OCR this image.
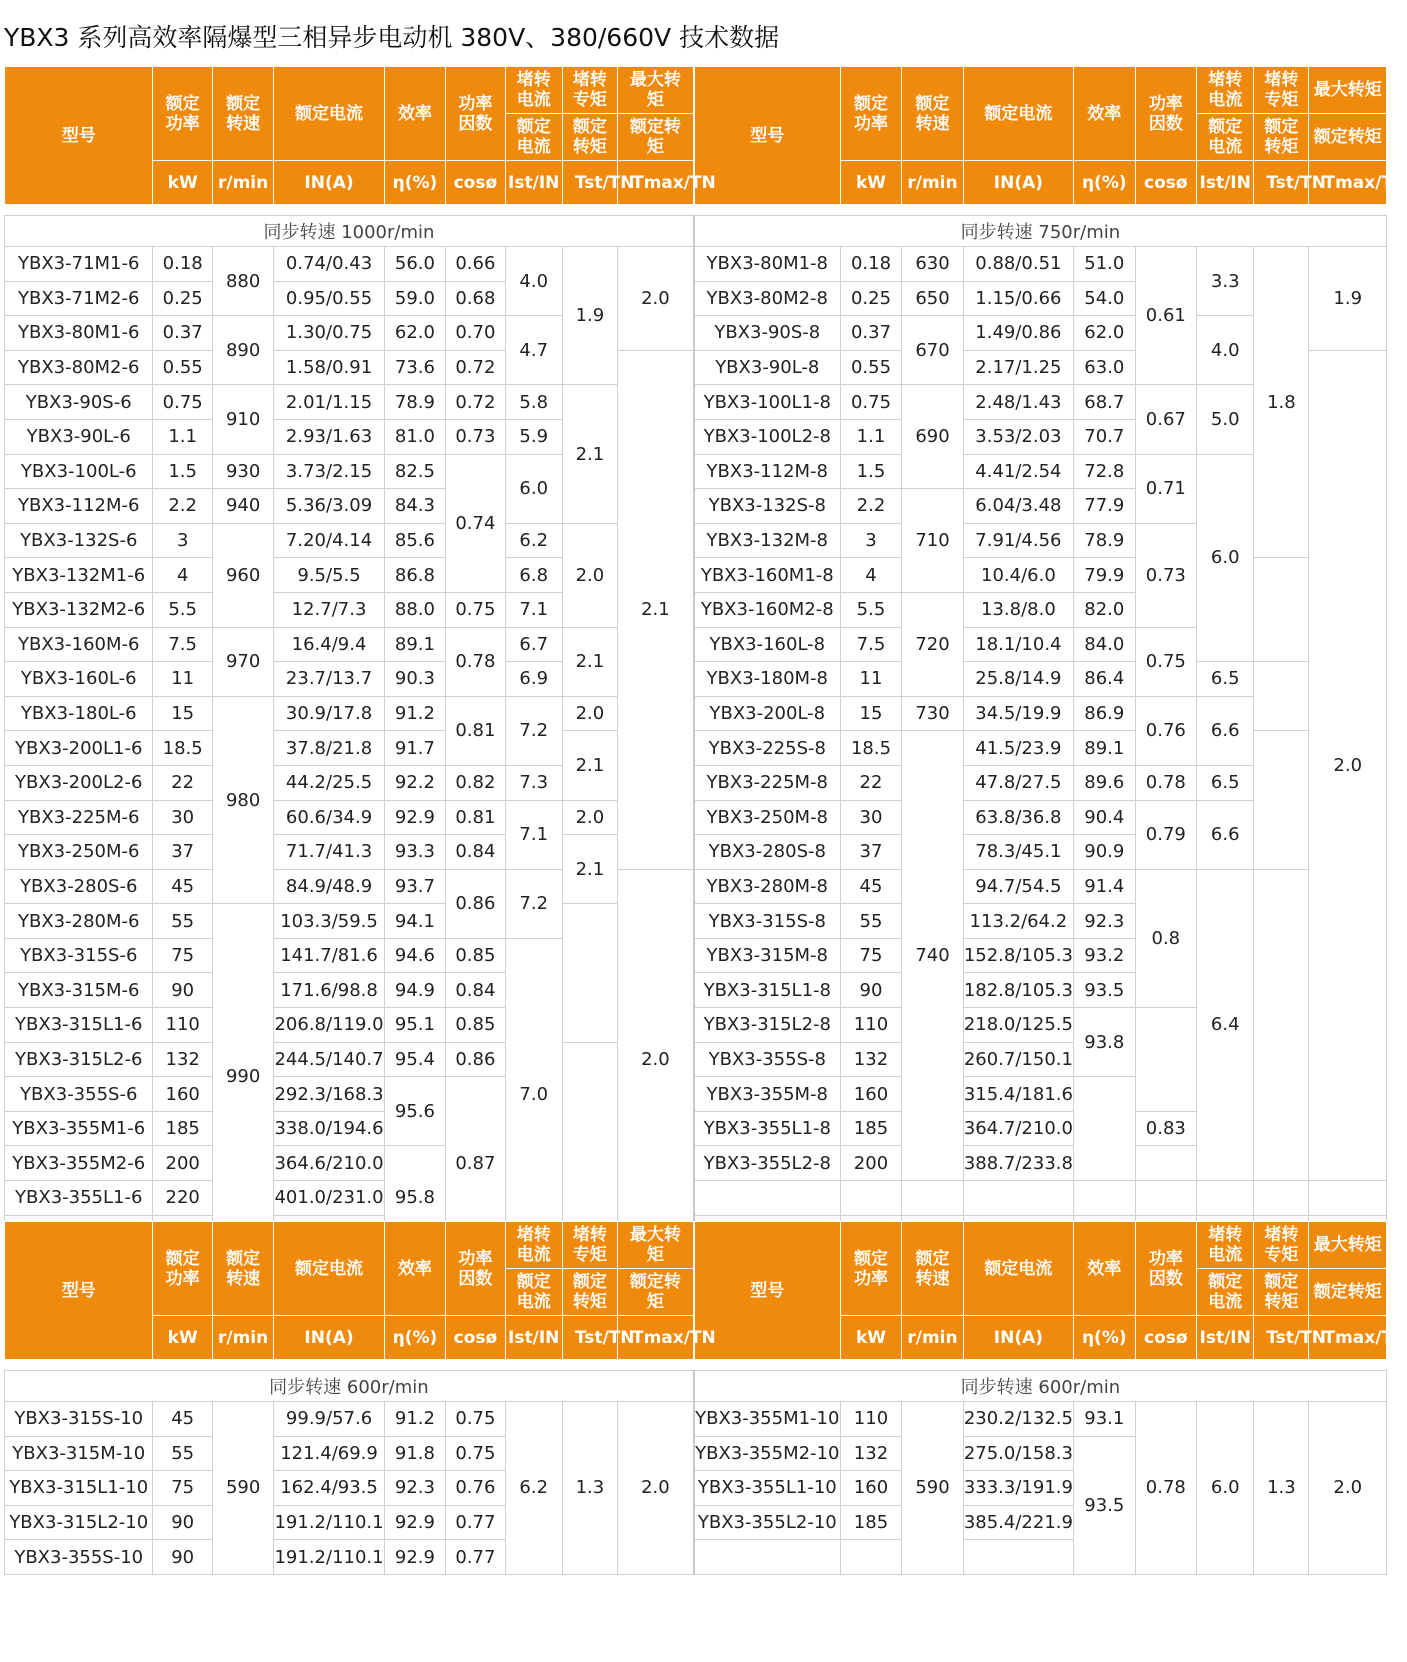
YBX3 系列高效率隔爆型三相异步电动机 380V、380/660V 技术数据
型号	额定功率	额定转速	额定电流	效率	功率因数	堵转电流	堵转专矩	最大转矩	型号	额定功率	额定转速	额定电流	效率	功率因数	堵转电流	堵转专矩	最大转矩
						额定电流	额定转矩	额定转矩							额定电流	额定转矩	额定转矩
	kW	r/min	IN(A)	η(%)	cosø	Ist/IN	Tst/TN	Tmax/TN		kW	r/min	IN(A)	η(%)	cosø	Ist/IN	Tst/TN	Tmax/TN

同步转速 1000r/min									同步转速 750r/min								
YBX3-71M1-6	0.18	880	0.74/0.43	56.0	0.66	4.0	1.9	2.0	YBX3-80M1-8	0.18	630	0.88/0.51	51.0	0.61	3.3	1.8	1.9
YBX3-71M2-6	0.25		0.95/0.55	59.0	0.68				YBX3-80M2-8	0.25	650	1.15/0.66	54.0				
YBX3-80M1-6	0.37	890	1.30/0.75	62.0	0.70	4.7			YBX3-90S-8	0.37	670	1.49/0.86	62.0		4.0		
YBX3-80M2-6	0.55		1.58/0.91	73.6	0.72			2.1	YBX3-90L-8	0.55		2.17/1.25	63.0				2.0
YBX3-90S-6	0.75	910	2.01/1.15	78.9	0.72	5.8	2.1		YBX3-100L1-8	0.75	690	2.48/1.43	68.7	0.67	5.0		
YBX3-90L-6	1.1		2.93/1.63	81.0	0.73	5.9			YBX3-100L2-8	1.1		3.53/2.03	70.7				
YBX3-100L-6	1.5	930	3.73/2.15	82.5	0.74	6.0			YBX3-112M-8	1.5		4.41/2.54	72.8	0.71	6.0		
YBX3-112M-6	2.2	940	5.36/3.09	84.3					YBX3-132S-8	2.2	710	6.04/3.48	77.9				
YBX3-132S-6	3	960	7.20/4.14	85.6		6.2	2.0		YBX3-132M-8	3		7.91/4.56	78.9	0.73			
YBX3-132M1-6	4		9.5/5.5	86.8		6.8			YBX3-160M1-8	4		10.4/6.0	79.9				
YBX3-132M2-6	5.5		12.7/7.3	88.0	0.75	7.1			YBX3-160M2-8	5.5	720	13.8/8.0	82.0				
YBX3-160M-6	7.5	970	16.4/9.4	89.1	0.78	6.7	2.1		YBX3-160L-8	7.5		18.1/10.4	84.0	0.75			
YBX3-160L-6	11		23.7/13.7	90.3		6.9			YBX3-180M-8	11		25.8/14.9	86.4		6.5		
YBX3-180L-6	15	980	30.9/17.8	91.2	0.81	7.2	2.0		YBX3-200L-8	15	730	34.5/19.9	86.9	0.76	6.6		
YBX3-200L1-6	18.5		37.8/21.8	91.7			2.1		YBX3-225S-8	18.5	740	41.5/23.9	89.1				
YBX3-200L2-6	22		44.2/25.5	92.2	0.82	7.3			YBX3-225M-8	22		47.8/27.5	89.6	0.78	6.5		
YBX3-225M-6	30		60.6/34.9	92.9	0.81	7.1	2.0		YBX3-250M-8	30		63.8/36.8	90.4	0.79	6.6		
YBX3-250M-6	37		71.7/41.3	93.3	0.84		2.1		YBX3-280S-8	37		78.3/45.1	90.9				
YBX3-280S-6	45		84.9/48.9	93.7	0.86	7.2		2.0	YBX3-280M-8	45		94.7/54.5	91.4	0.8	6.4		
YBX3-280M-6	55	990	103.3/59.5	94.1					YBX3-315S-8	55		113.2/64.2	92.3				
YBX3-315S-6	75		141.7/81.6	94.6	0.85	7.0			YBX3-315M-8	75		152.8/105.3	93.2				
YBX3-315M-6	90		171.6/98.8	94.9	0.84				YBX3-315L1-8	90		182.8/105.3	93.5				
YBX3-315L1-6	110		206.8/119.0	95.1	0.85				YBX3-315L2-8	110		218.0/125.5	93.8				
YBX3-315L2-6	132		244.5/140.7	95.4	0.86				YBX3-355S-8	132		260.7/150.1					
YBX3-355S-6	160		292.3/168.3	95.6	0.87				YBX3-355M-8	160		315.4/181.6					
YBX3-355M1-6	185		338.0/194.6						YBX3-355L1-8	185		364.7/210.0		0.83			
YBX3-355M2-6	200		364.6/210.0	95.8					YBX3-355L2-8	200		388.7/233.8					
YBX3-355L1-6	220		401.0/231.0														

型号	额定功率	额定转速	额定电流	效率	功率因数	堵转电流	堵转专矩	最大转矩	型号	额定功率	额定转速	额定电流	效率	功率因数	堵转电流	堵转专矩	最大转矩
						额定电流	额定转矩	额定转矩							额定电流	额定转矩	额定转矩
	kW	r/min	IN(A)	η(%)	cosø	Ist/IN	Tst/TN	Tmax/TN		kW	r/min	IN(A)	η(%)	cosø	Ist/IN	Tst/TN	Tmax/TN

同步转速 600r/min									同步转速 600r/min								
YBX3-315S-10	45	590	99.9/57.6	91.2	0.75	6.2	1.3	2.0	YBX3-355M1-10	110	590	230.2/132.5	93.1	0.78	6.0	1.3	2.0
YBX3-315M-10	55		121.4/69.9	91.8	0.75				YBX3-355M2-10	132		275.0/158.3	93.5				
YBX3-315L1-10	75		162.4/93.5	92.3	0.76				YBX3-355L1-10	160		333.3/191.9					
YBX3-315L2-10	90		191.2/110.1	92.9	0.77				YBX3-355L2-10	185		385.4/221.9					
YBX3-355S-10	90		191.2/110.1	92.9	0.77												
